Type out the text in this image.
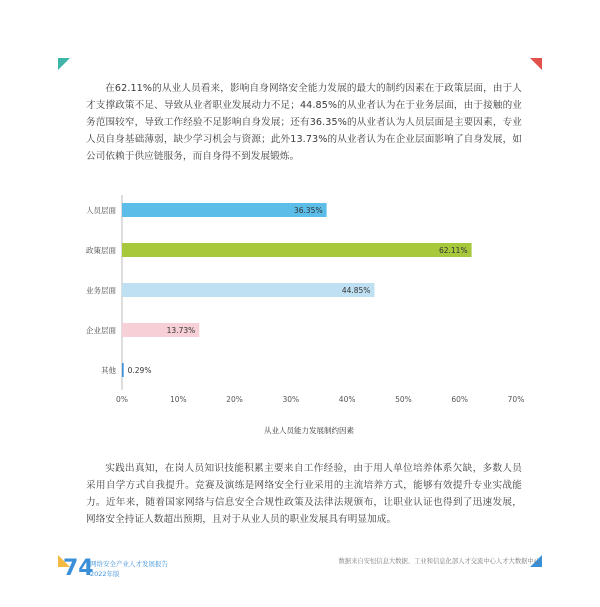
在62.11%的从业人员看来，影响自身网络安全能力发展的最大的制约因素在于政策层面，由于人才支撑政策不足、导致从业者职业发展动力不足；44.85%的从业者认为在于业务层面，由于接触的业务范围较窄，导致工作经验不足影响自身发展；还有36.35%的从业者认为人员层面是主要因素，专业人员自身基础薄弱，缺少学习机会与资源；此外13.73%的从业者认为在企业层面影响了自身发展，如公司依赖于供应链服务，而自身得不到发展锻炼。

人员层面	36.35%
政策层面	62.11%
业务层面	44.85%
企业层面	13.73%
其他 0.29%
0%	10%	20%	30%	40%	50%	60%	70%
从业人员能力发展制约因素

实践出真知，在岗人员知识技能积累主要来自工作经验，由于用人单位培养体系欠缺，多数人员采用自学方式自我提升。竞赛及演练是网络安全行业采用的主流培养方式，能够有效提升专业实战能力。近年来，随着国家网络与信息安全合规性政策及法律法规颁布，让职业认证也得到了迅速发展，网络安全持证人数超出预期，且对于从业人员的职业发展具有明显加成。

74
网络安全产业人才发展报告
2022年版
数据来自安恒信息大数据、工业和信息化部人才交流中心人才大数据中心
